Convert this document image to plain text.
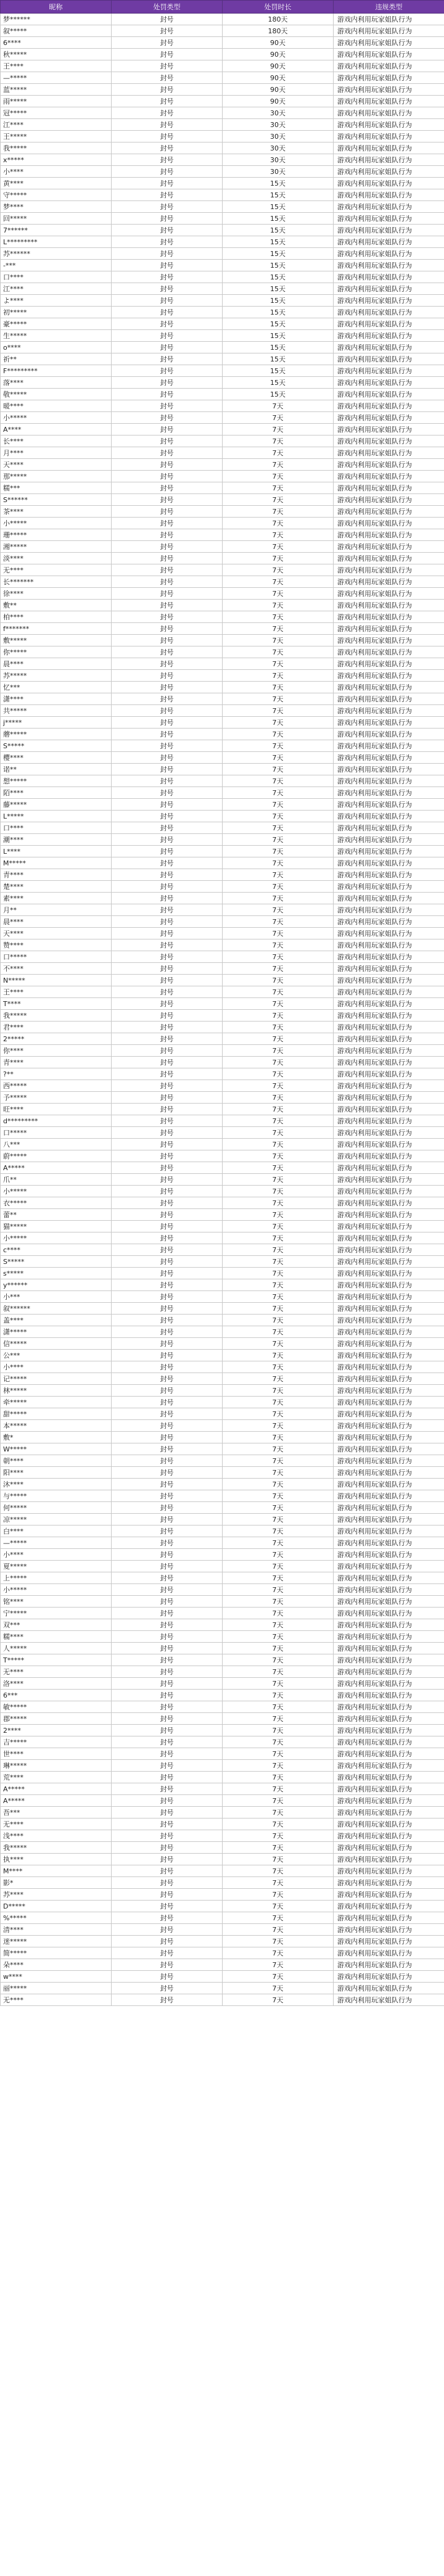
昵称	处罚类型	处罚时长	违规类型
梦******	封号	180天	游戏内利用玩家姐队行为
叙*****	封号	180天	游戏内利用玩家姐队行为
6****	封号	90天	游戏内利用玩家姐队行为
秋*****	封号	90天	游戏内利用玩家姐队行为
王****	封号	90天	游戏内利用玩家姐队行为
—*****	封号	90天	游戏内利用玩家姐队行为
蓝*****	封号	90天	游戏内利用玩家姐队行为
雨*****	封号	90天	游戏内利用玩家姐队行为
冠*****	封号	30天	游戏内利用玩家姐队行为
江****	封号	30天	游戏内利用玩家姐队行为
王*****	封号	30天	游戏内利用玩家姐队行为
我*****	封号	30天	游戏内利用玩家姐队行为
x*****	封号	30天	游戏内利用玩家姐队行为
小****	封号	30天	游戏内利用玩家姐队行为
黄****	封号	15天	游戏内利用玩家姐队行为
守*****	封号	15天	游戏内利用玩家姐队行为
梦****	封号	15天	游戏内利用玩家姐队行为
回*****	封号	15天	游戏内利用玩家姐队行为
7******	封号	15天	游戏内利用玩家姐队行为
L*********	封号	15天	游戏内利用玩家姐队行为
苏******	封号	15天	游戏内利用玩家姐队行为
-***	封号	15天	游戏内利用玩家姐队行为
口****	封号	15天	游戏内利用玩家姐队行为
江****	封号	15天	游戏内利用玩家姐队行为
よ****	封号	15天	游戏内利用玩家姐队行为
初*****	封号	15天	游戏内利用玩家姐队行为
豪*****	封号	15天	游戏内利用玩家姐队行为
生*****	封号	15天	游戏内利用玩家姐队行为
o****	封号	15天	游戏内利用玩家姐队行为
祈**	封号	15天	游戏内利用玩家姐队行为
F*********	封号	15天	游戏内利用玩家姐队行为
落****	封号	15天	游戏内利用玩家姐队行为
敬*****	封号	15天	游戏内利用玩家姐队行为
暖****	封号	7天	游戏内利用玩家姐队行为
小*****	封号	7天	游戏内利用玩家姐队行为
A****	封号	7天	游戏内利用玩家姐队行为
长****	封号	7天	游戏内利用玩家姐队行为
月****	封号	7天	游戏内利用玩家姐队行为
天****	封号	7天	游戏内利用玩家姐队行为
那*****	封号	7天	游戏内利用玩家姐队行为
糯***	封号	7天	游戏内利用玩家姐队行为
S******	封号	7天	游戏内利用玩家姐队行为
茶****	封号	7天	游戏内利用玩家姐队行为
小*****	封号	7天	游戏内利用玩家姐队行为
珊*****	封号	7天	游戏内利用玩家姐队行为
湘*****	封号	7天	游戏内利用玩家姐队行为
淡****	封号	7天	游戏内利用玩家姐队行为
无****	封号	7天	游戏内利用玩家姐队行为
长*******	封号	7天	游戏内利用玩家姐队行为
徐****	封号	7天	游戏内利用玩家姐队行为
敷**	封号	7天	游戏内利用玩家姐队行为
柏****	封号	7天	游戏内利用玩家姐队行为
f*******	封号	7天	游戏内利用玩家姐队行为
敷*****	封号	7天	游戏内利用玩家姐队行为
你*****	封号	7天	游戏内利用玩家姐队行为
晨****	封号	7天	游戏内利用玩家姐队行为
苏*****	封号	7天	游戏内利用玩家姐队行为
忆***	封号	7天	游戏内利用玩家姐队行为
潇****	封号	7天	游戏内利用玩家姐队行为
共*****	封号	7天	游戏内利用玩家姐队行为
j*****	封号	7天	游戏内利用玩家姐队行为
蘑*****	封号	7天	游戏内利用玩家姐队行为
S*****	封号	7天	游戏内利用玩家姐队行为
樱****	封号	7天	游戏内利用玩家姐队行为
诺**	封号	7天	游戏内利用玩家姐队行为
想*****	封号	7天	游戏内利用玩家姐队行为
陌****	封号	7天	游戏内利用玩家姐队行为
藤*****	封号	7天	游戏内利用玩家姐队行为
L*****	封号	7天	游戏内利用玩家姐队行为
口****	封号	7天	游戏内利用玩家姐队行为
潮****	封号	7天	游戏内利用玩家姐队行为
L****	封号	7天	游戏内利用玩家姐队行为
M*****	封号	7天	游戏内利用玩家姐队行为
青****	封号	7天	游戏内利用玩家姐队行为
楚****	封号	7天	游戏内利用玩家姐队行为
素****	封号	7天	游戏内利用玩家姐队行为
月**	封号	7天	游戏内利用玩家姐队行为
晨****	封号	7天	游戏内利用玩家姐队行为
天****	封号	7天	游戏内利用玩家姐队行为
赞****	封号	7天	游戏内利用玩家姐队行为
口*****	封号	7天	游戏内利用玩家姐队行为
不****	封号	7天	游戏内利用玩家姐队行为
N*****	封号	7天	游戏内利用玩家姐队行为
王****	封号	7天	游戏内利用玩家姐队行为
T****	封号	7天	游戏内利用玩家姐队行为
我*****	封号	7天	游戏内利用玩家姐队行为
君****	封号	7天	游戏内利用玩家姐队行为
2*****	封号	7天	游戏内利用玩家姐队行为
你****	封号	7天	游戏内利用玩家姐队行为
青****	封号	7天	游戏内利用玩家姐队行为
?**	封号	7天	游戏内利用玩家姐队行为
西*****	封号	7天	游戏内利用玩家姐队行为
予*****	封号	7天	游戏内利用玩家姐队行为
旺****	封号	7天	游戏内利用玩家姐队行为
d*********	封号	7天	游戏内利用玩家姐队行为
口*****	封号	7天	游戏内利用玩家姐队行为
八***	封号	7天	游戏内利用玩家姐队行为
蔚*****	封号	7天	游戏内利用玩家姐队行为
A*****	封号	7天	游戏内利用玩家姐队行为
爪**	封号	7天	游戏内利用玩家姐队行为
小*****	封号	7天	游戏内利用玩家姐队行为
衣*****	封号	7天	游戏内利用玩家姐队行为
蕾**	封号	7天	游戏内利用玩家姐队行为
猫*****	封号	7天	游戏内利用玩家姐队行为
小*****	封号	7天	游戏内利用玩家姐队行为
c****	封号	7天	游戏内利用玩家姐队行为
S*****	封号	7天	游戏内利用玩家姐队行为
s*****	封号	7天	游戏内利用玩家姐队行为
y******	封号	7天	游戏内利用玩家姐队行为
小***	封号	7天	游戏内利用玩家姐队行为
叙******	封号	7天	游戏内利用玩家姐队行为
盖****	封号	7天	游戏内利用玩家姐队行为
潇*****	封号	7天	游戏内利用玩家姐队行为
信*****	封号	7天	游戏内利用玩家姐队行为
公***	封号	7天	游戏内利用玩家姐队行为
小****	封号	7天	游戏内利用玩家姐队行为
记*****	封号	7天	游戏内利用玩家姐队行为
林*****	封号	7天	游戏内利用玩家姐队行为
牵*****	封号	7天	游戏内利用玩家姐队行为
甜*****	封号	7天	游戏内利用玩家姐队行为
本*****	封号	7天	游戏内利用玩家姐队行为
敷*	封号	7天	游戏内利用玩家姐队行为
W*****	封号	7天	游戏内利用玩家姐队行为
朝****	封号	7天	游戏内利用玩家姐队行为
阳****	封号	7天	游戏内利用玩家姐队行为
沐****	封号	7天	游戏内利用玩家姐队行为
与*****	封号	7天	游戏内利用玩家姐队行为
何*****	封号	7天	游戏内利用玩家姐队行为
凉*****	封号	7天	游戏内利用玩家姐队行为
白****	封号	7天	游戏内利用玩家姐队行为
—*****	封号	7天	游戏内利用玩家姐队行为
小****	封号	7天	游戏内利用玩家姐队行为
夏*****	封号	7天	游戏内利用玩家姐队行为
上*****	封号	7天	游戏内利用玩家姐队行为
小*****	封号	7天	游戏内利用玩家姐队行为
铭****	封号	7天	游戏内利用玩家姐队行为
宁*****	封号	7天	游戏内利用玩家姐队行为
双***	封号	7天	游戏内利用玩家姐队行为
糯****	封号	7天	游戏内利用玩家姐队行为
人*****	封号	7天	游戏内利用玩家姐队行为
T*****	封号	7天	游戏内利用玩家姐队行为
无****	封号	7天	游戏内利用玩家姐队行为
洛****	封号	7天	游戏内利用玩家姐队行为
6***	封号	7天	游戏内利用玩家姐队行为
敏*****	封号	7天	游戏内利用玩家姐队行为
郡*****	封号	7天	游戏内利用玩家姐队行为
2****	封号	7天	游戏内利用玩家姐队行为
吉*****	封号	7天	游戏内利用玩家姐队行为
世****	封号	7天	游戏内利用玩家姐队行为
琳*****	封号	7天	游戏内利用玩家姐队行为
荒****	封号	7天	游戏内利用玩家姐队行为
A*****	封号	7天	游戏内利用玩家姐队行为
A*****	封号	7天	游戏内利用玩家姐队行为
吾***	封号	7天	游戏内利用玩家姐队行为
无****	封号	7天	游戏内利用玩家姐队行为
浅****	封号	7天	游戏内利用玩家姐队行为
我*****	封号	7天	游戏内利用玩家姐队行为
执****	封号	7天	游戏内利用玩家姐队行为
M****	封号	7天	游戏内利用玩家姐队行为
影*	封号	7天	游戏内利用玩家姐队行为
苏****	封号	7天	游戏内利用玩家姐队行为
D*****	封号	7天	游戏内利用玩家姐队行为
%*****	封号	7天	游戏内利用玩家姐队行为
清****	封号	7天	游戏内利用玩家姐队行为
迷*****	封号	7天	游戏内利用玩家姐队行为
简*****	封号	7天	游戏内利用玩家姐队行为
朵****	封号	7天	游戏内利用玩家姐队行为
w****	封号	7天	游戏内利用玩家姐队行为
丽*****	封号	7天	游戏内利用玩家姐队行为
无****	封号	7天	游戏内利用玩家姐队行为
